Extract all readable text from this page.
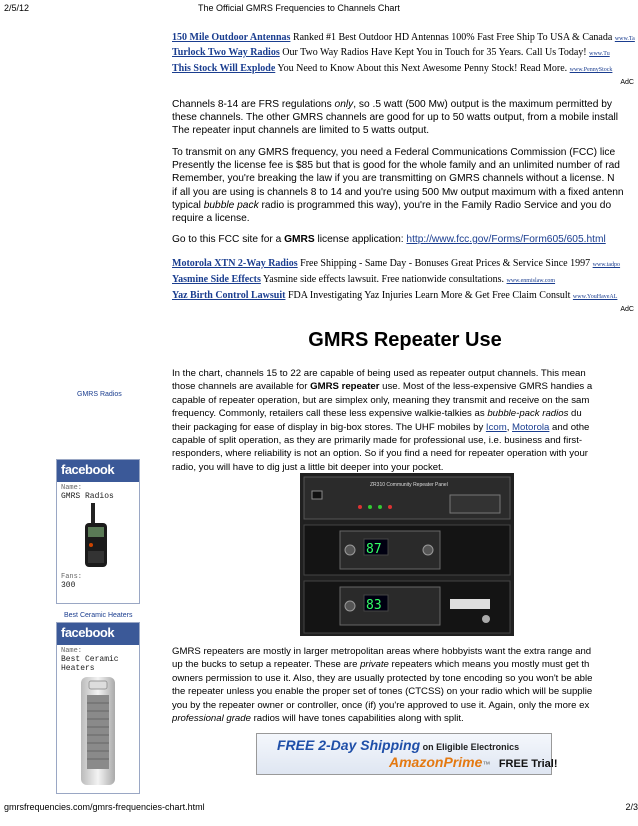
2/5/12	The Official GMRS Frequencies to Channels Chart
150 Mile Outdoor Antennas Ranked #1 Best Outdoor HD Antennas 100% Fast Free Ship To USA & Canada www.Ta
Turlock Two Way Radios Our Two Way Radios Have Kept You in Touch for 35 Years. Call Us Today! www.Tu
This Stock Will Explode You Need to Know About this Next Awesome Penny Stock! Read More. www.PennyStock
AdC
Channels 8-14 are FRS regulations only, so .5 watt (500 Mw) output is the maximum permitted by
these channels. The other GMRS channels are good for up to 50 watts output, from a mobile install
The repeater input channels are limited to 5 watts output.
To transmit on any GMRS frequency, you need a Federal Communications Commission (FCC) lice
Presently the license fee is $85 but that is good for the whole family and an unlimited number of rad
Remember, you're breaking the law if you are transmitting on GMRS channels without a license. N
if all you are using is channels 8 to 14 and you're using 500 Mw output maximum with a fixed antenn
typical bubble pack radio is programmed this way), you're in the Family Radio Service and you do
require a license.
Go to this FCC site for a GMRS license application: http://www.fcc.gov/Forms/Form605/605.html
Motorola XTN 2-Way Radios Free Shipping - Same Day - Bonuses Great Prices & Service Since 1997 www.tadpo
Yasmine Side Effects Yasmine side effects lawsuit. Free nationwide consultations. www.enmislaw.com
Yaz Birth Control Lawsuit FDA Investigating Yaz Injuries Learn More & Get Free Claim Consult www.YouHaveAL
AdC
GMRS Repeater Use
In the chart, channels 15 to 22 are capable of being used as repeater output channels. This mean
those channels are available for GMRS repeater use. Most of the less-expensive GMRS handies a
capable of repeater operation, but are simplex only, meaning they transmit and receive on the sam
frequency. Commonly, retailers call these less expensive walkie-talkies as bubble-pack radios du
their packaging for ease of display in big-box stores. The UHF mobiles by Icom, Motorola and othe
capable of split operation, as they are primarily made for professional use, i.e. business and first-
responders, where reliability is not an option. So if you find a need for repeater operation with your
radio, you will have to dig just a little bit deeper into your pocket.
GMRS Radios
facebook
Name:
GMRS Radios
Fans:
300
Best Ceramic Heaters
facebook
Name:
Best Ceramic Heaters
ZR310 Community Repeater Panel
87
83
GMRS repeaters are mostly in larger metropolitan areas where hobbyists want the extra range and
up the bucks to setup a repeater. These are private repeaters which means you mostly must get th
owners permission to use it. Also, they are usually protected by tone encoding so you won't be able
the repeater unless you enable the proper set of tones (CTCSS) on your radio which will be supplie
you by the repeater owner or controller, once (if) you're approved to use it. Again, only the more ex
professional grade radios will have tones capabilities along with split.
FREE 2-Day Shipping on Eligible Electronics
AmazonPrime™ FREE Trial!
gmrsfrequencies.com/gmrs-frequencies-chart.html	2/3
